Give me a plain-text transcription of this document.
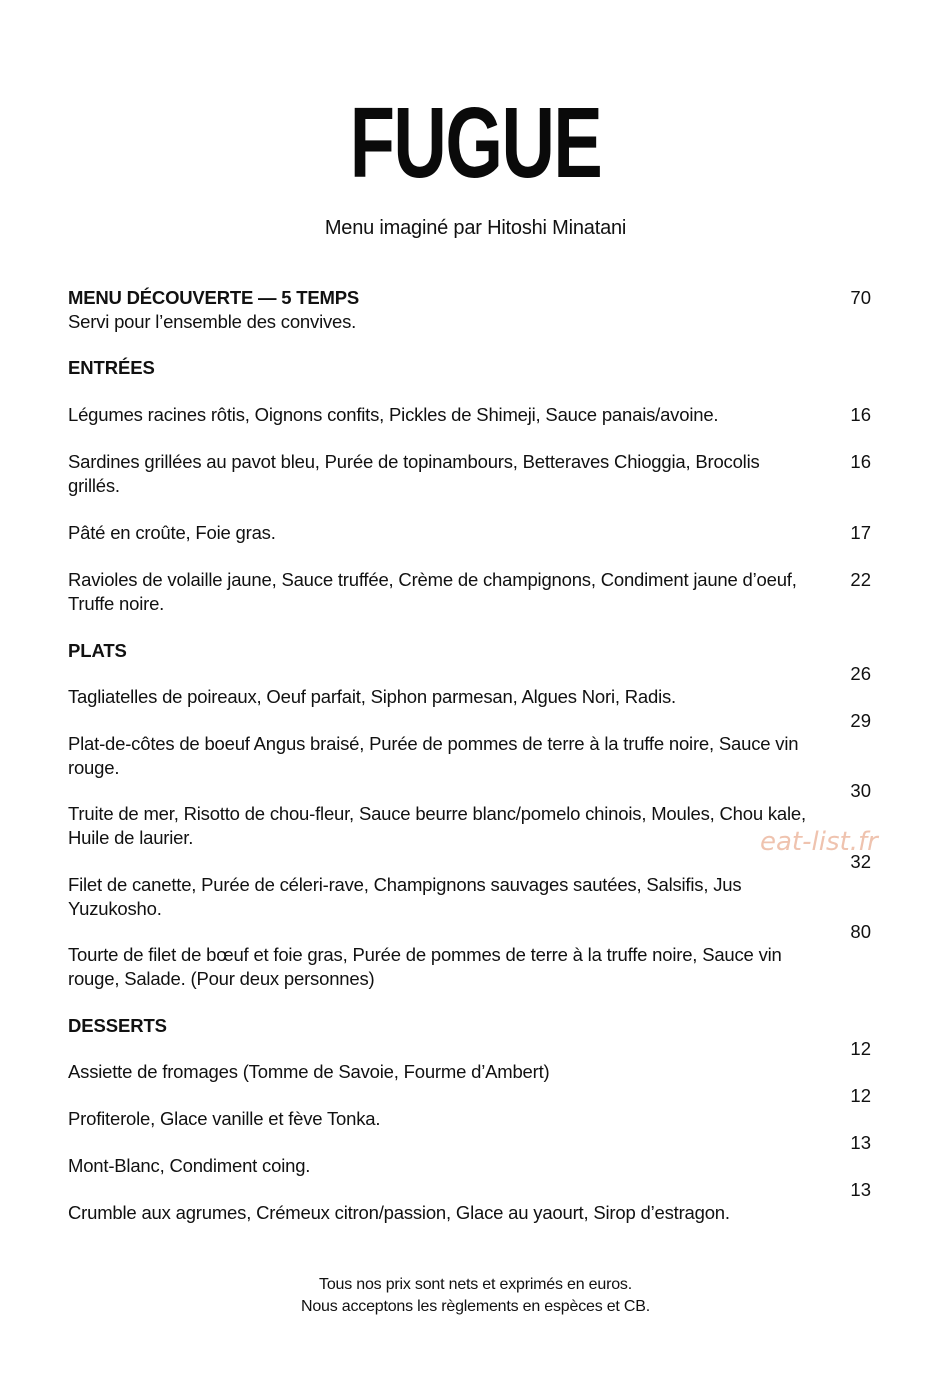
FUGUE
Menu imaginé par Hitoshi Minatani
MENU DÉCOUVERTE — 5 TEMPS
Servi pour l’ensemble des convives.
70
ENTRÉES
Légumes racines rôtis, Oignons confits, Pickles de Shimeji, Sauce panais/avoine.	16
Sardines grillées au pavot bleu, Purée de topinambours, Betteraves Chioggia, Brocolis grillés.
16
Pâté en croûte, Foie gras.	17
Ravioles de volaille jaune, Sauce truffée, Crème de champignons, Condiment jaune d’oeuf, Truffe noire.
22
PLATS
26
Tagliatelles de poireaux, Oeuf parfait, Siphon parmesan, Algues Nori, Radis.
29
Plat-de-côtes de boeuf Angus braisé, Purée de pommes de terre à la truffe noire, Sauce vin rouge.
30
Truite de mer, Risotto de chou-fleur, Sauce beurre blanc/pomelo chinois, Moules, Chou kale, Huile de laurier.
32
Filet de canette, Purée de céleri-rave, Champignons sauvages sautées, Salsifis, Jus Yuzukosho.
80
Tourte de filet de bœuf et foie gras, Purée de pommes de terre à la truffe noire, Sauce vin rouge, Salade. (Pour deux personnes)
DESSERTS
12
Assiette de fromages (Tomme de Savoie, Fourme d’Ambert)
12
Profiterole, Glace vanille et fève Tonka.
13
Mont-Blanc, Condiment coing.
13
Crumble aux agrumes, Crémeux citron/passion, Glace au yaourt, Sirop d’estragon.
eat-list.fr
Tous nos prix sont nets et exprimés en euros.
Nous acceptons les règlements en espèces et CB.
